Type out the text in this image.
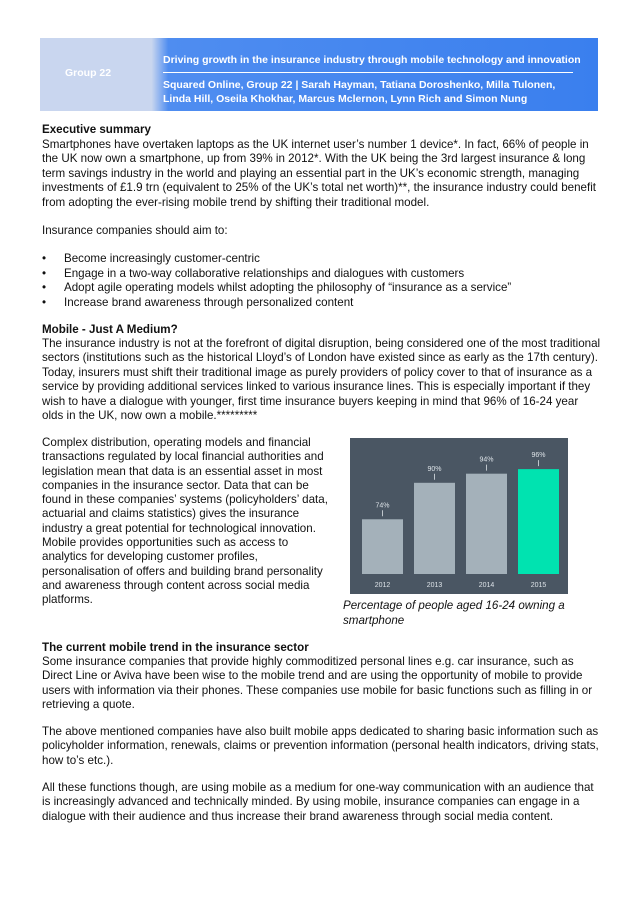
Group 22
Driving growth in the insurance industry through mobile technology and innovation
Squared Online, Group 22 | Sarah Hayman, Tatiana Doroshenko, Milla Tulonen, Linda Hill, Oseila Khokhar, Marcus Mclernon, Lynn Rich and Simon Nung

Executive summary

Smartphones have overtaken laptops as the UK internet user’s number 1 device*. In fact, 66% of people in the UK now own a smartphone, up from 39% in 2012*. With the UK being the 3rd largest insurance & long term savings industry in the world and playing an essential part in the UK’s economic strength, managing investments of £1.9 trn (equivalent to 25% of the UK’s total net worth)**, the insurance industry could benefit from adopting the ever-rising mobile trend by shifting their traditional model.

Insurance companies should aim to:

• Become increasingly customer-centric
• Engage in a two-way collaborative relationships and dialogues with customers
• Adopt agile operating models whilst adopting the philosophy of “insurance as a service”
• Increase brand awareness through personalized content

Mobile - Just A Medium?

The insurance industry is not at the forefront of digital disruption, being considered one of the most traditional sectors (institutions such as the historical Lloyd’s of London have existed since as early as the 17th century). Today, insurers must shift their traditional image as purely providers of policy cover to that of insurance as a service by providing additional services linked to various insurance lines. This is especially important if they wish to have a dialogue with younger, first time insurance buyers keeping in mind that 96% of 16-24 year olds in the UK, now own a mobile.*********

Complex distribution, operating models and financial transactions regulated by local financial authorities and legislation mean that data is an essential asset in most companies in the insurance sector. Data that can be found in these companies’ systems (policyholders’ data, actuarial and claims statistics) gives the insurance industry a great potential for technological innovation. Mobile provides opportunities such as access to analytics for developing customer profiles, personalisation of offers and building brand personality and awareness through content across social media platforms.

74%
2012
90%
2013
94%
2014
96%
2015
Percentage of people aged 16-24 owning a smartphone

The current mobile trend in the insurance sector

Some insurance companies that provide highly commoditized personal lines e.g. car insurance, such as Direct Line or Aviva have been wise to the mobile trend and are using the opportunity of mobile to provide users with information via their phones. These companies use mobile for basic functions such as filling in or retrieving a quote.

The above mentioned companies have also built mobile apps dedicated to sharing basic information such as policyholder information, renewals, claims or prevention information (personal health indicators, driving stats, how to’s etc.).

All these functions though, are using mobile as a medium for one-way communication with an audience that is increasingly advanced and technically minded. By using mobile, insurance companies can engage in a dialogue with their audience and thus increase their brand awareness through social media content.
